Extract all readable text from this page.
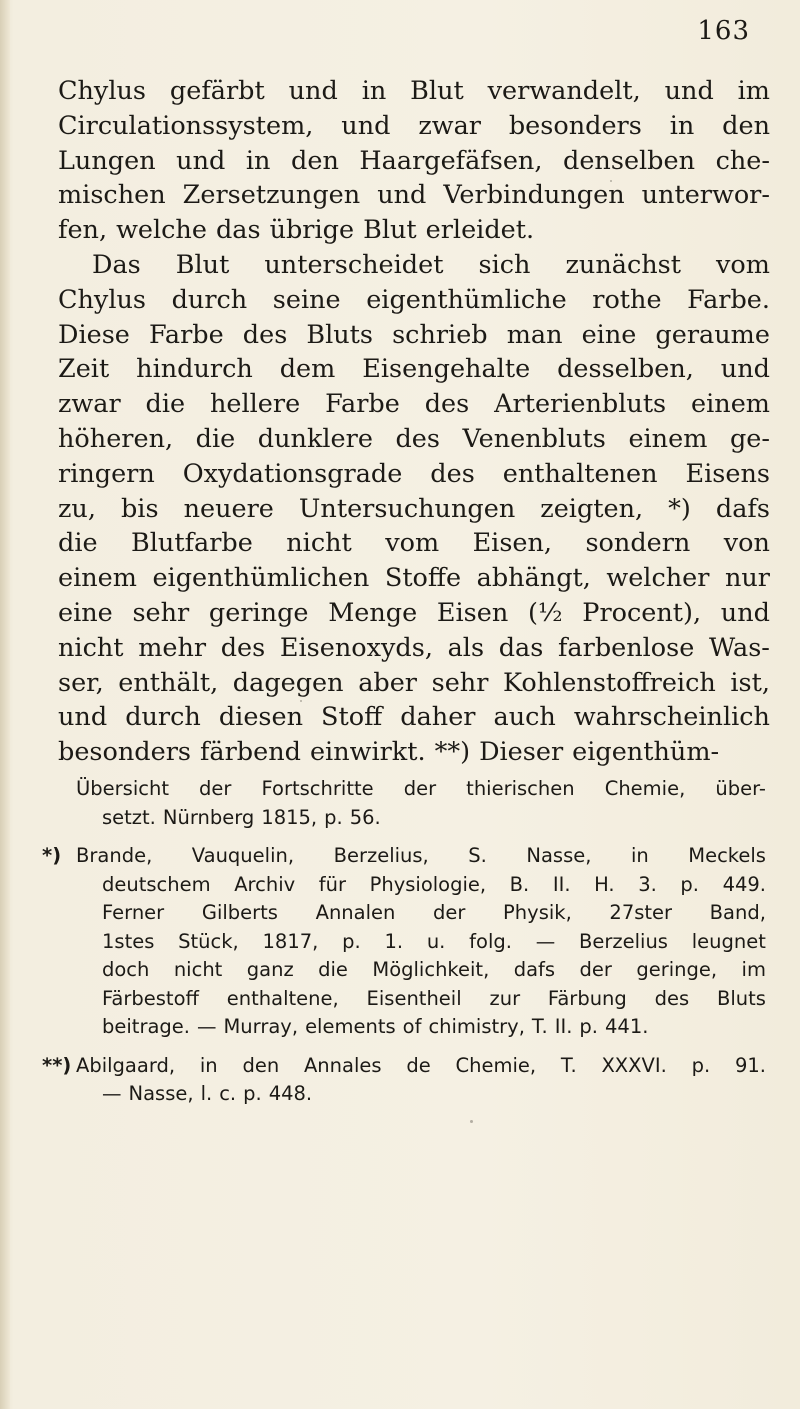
163
Chylus gefärbt und in Blut verwandelt, und im
Circulationssystem, und zwar besonders in den
Lungen und in den Haargefäfsen, denselben che-
mischen Zersetzungen und Verbindungen unterwor-
fen, welche das übrige Blut erleidet.
Das Blut unterscheidet sich zunächst vom
Chylus durch seine eigenthümliche rothe Farbe.
Diese Farbe des Bluts schrieb man eine geraume
Zeit hindurch dem Eisengehalte desselben, und
zwar die hellere Farbe des Arterienbluts einem
höheren, die dunklere des Venenbluts einem ge-
ringern Oxydationsgrade des enthaltenen Eisens
zu, bis neuere Untersuchungen zeigten, *) dafs
die Blutfarbe nicht vom Eisen, sondern von
einem eigenthümlichen Stoffe abhängt, welcher nur
eine sehr geringe Menge Eisen (½ Procent), und
nicht mehr des Eisenoxyds, als das farbenlose Was-
ser, enthält, dagegen aber sehr Kohlenstoffreich ist,
und durch diesen Stoff daher auch wahrscheinlich
besonders färbend einwirkt. **) Dieser eigenthüm-
Übersicht der Fortschritte der thierischen Chemie, über-
setzt. Nürnberg 1815, p. 56.
*) Brande, Vauquelin, Berzelius, S. Nasse, in Meckels
deutschem Archiv für Physiologie, B. II. H. 3. p. 449.
Ferner Gilberts Annalen der Physik, 27ster Band,
1stes Stück, 1817, p. 1. u. folg. — Berzelius leugnet
doch nicht ganz die Möglichkeit, dafs der geringe, im
Färbestoff enthaltene, Eisentheil zur Färbung des Bluts
beitrage. — Murray, elements of chimistry, T. II. p. 441.
**) Abilgaard, in den Annales de Chemie, T. XXXVI. p. 91.
— Nasse, l. c. p. 448.
